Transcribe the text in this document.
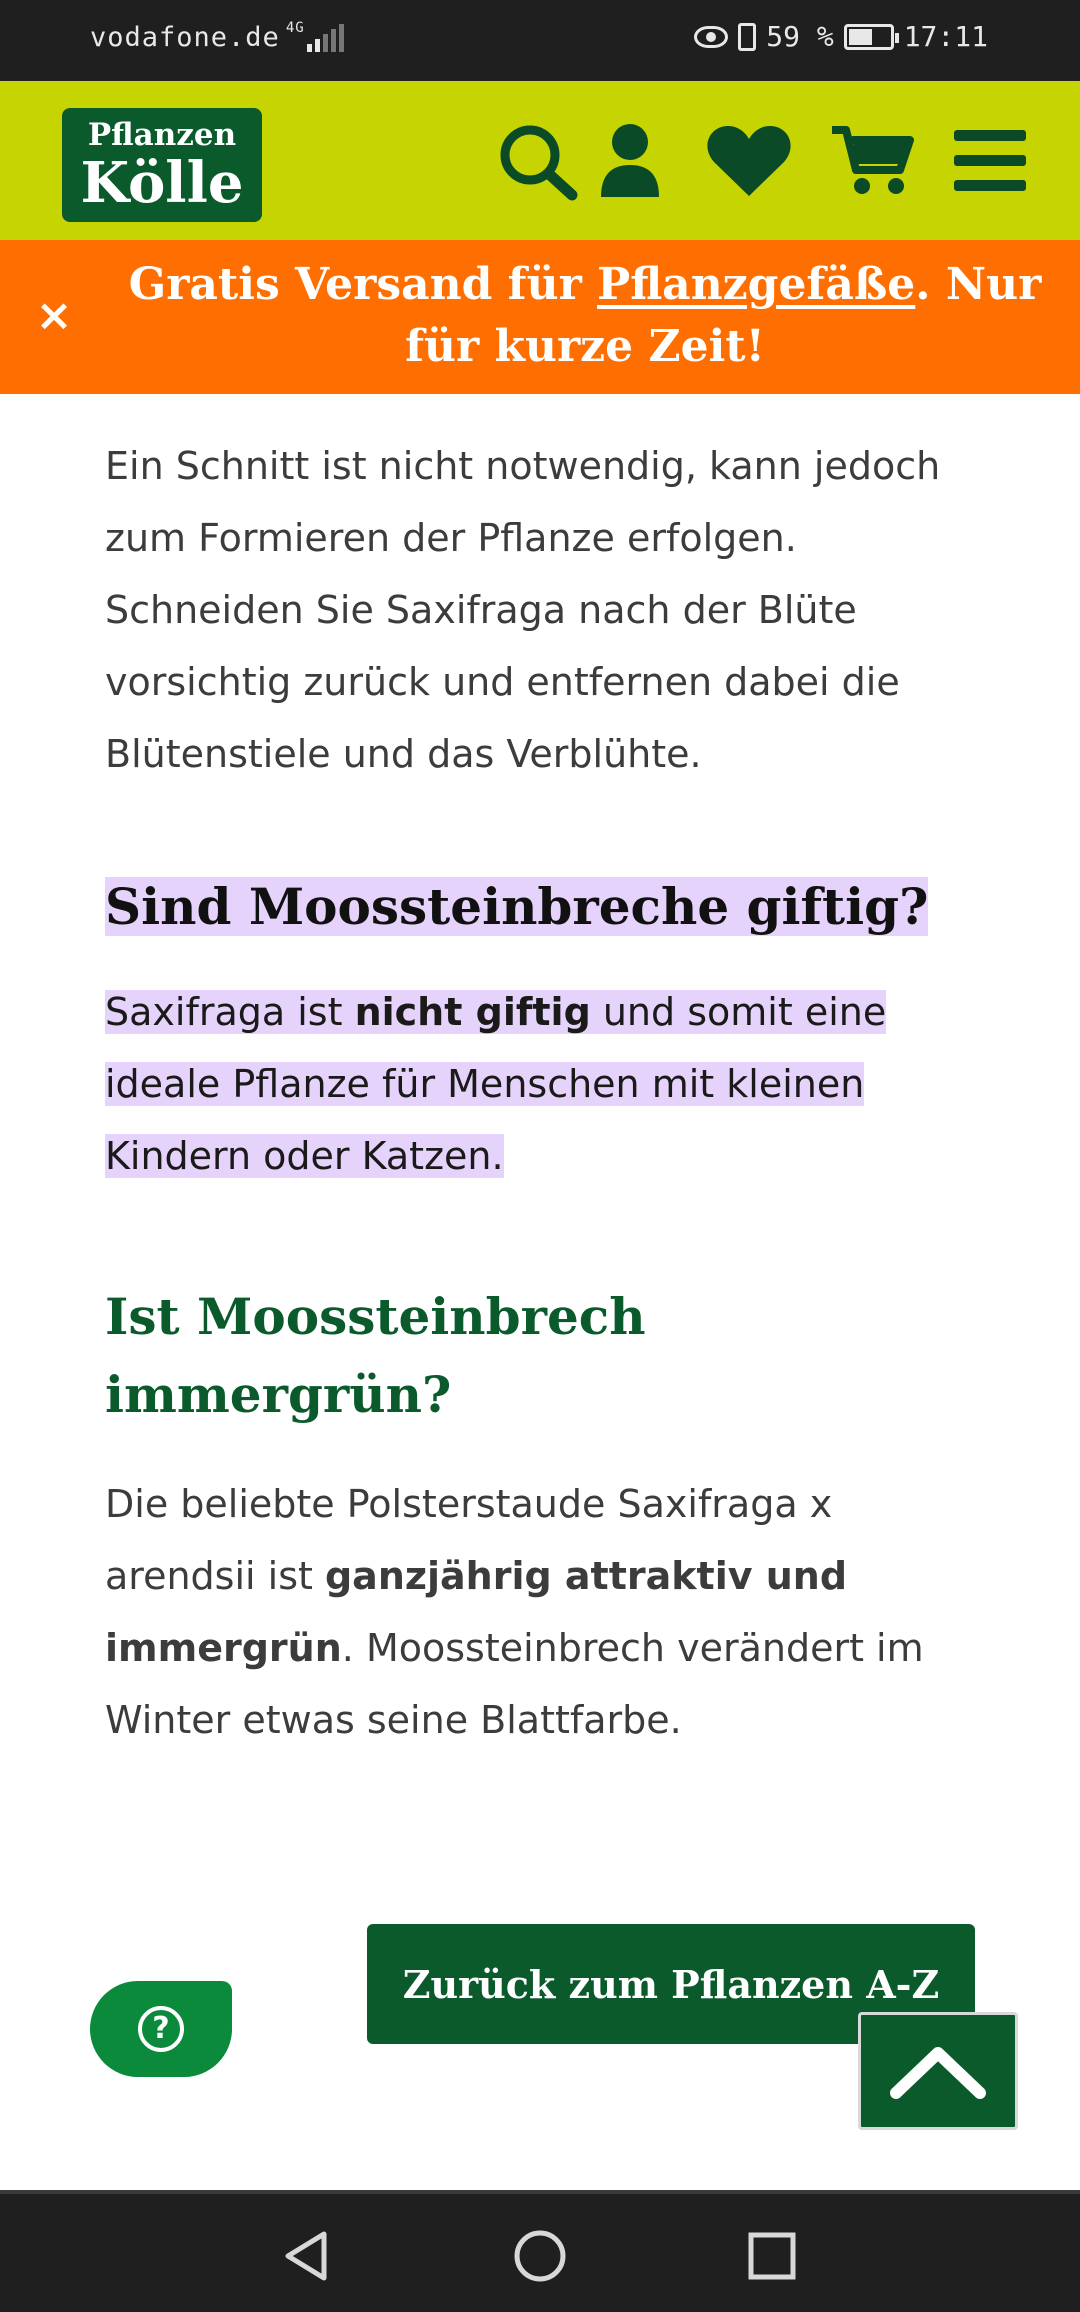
vodafone.de 4G	59 %	17:11
Pflanzen
Kölle
×
Gratis Versand für Pflanzgefäße. Nur für kurze Zeit!

Ein Schnitt ist nicht notwendig, kann jedoch zum Formieren der Pflanze erfolgen. Schneiden Sie Saxifraga nach der Blüte vorsichtig zurück und entfernen dabei die Blütenstiele und das Verblühte.

Sind Moossteinbreche giftig?

Saxifraga ist nicht giftig und somit eine ideale Pflanze für Menschen mit kleinen Kindern oder Katzen.

Ist Moossteinbrech immergrün?

Die beliebte Polsterstaude Saxifraga x arendsii ist ganzjährig attraktiv und immergrün. Moossteinbrech verändert im Winter etwas seine Blattfarbe.

Zurück zum Pflanzen A-Z
?
